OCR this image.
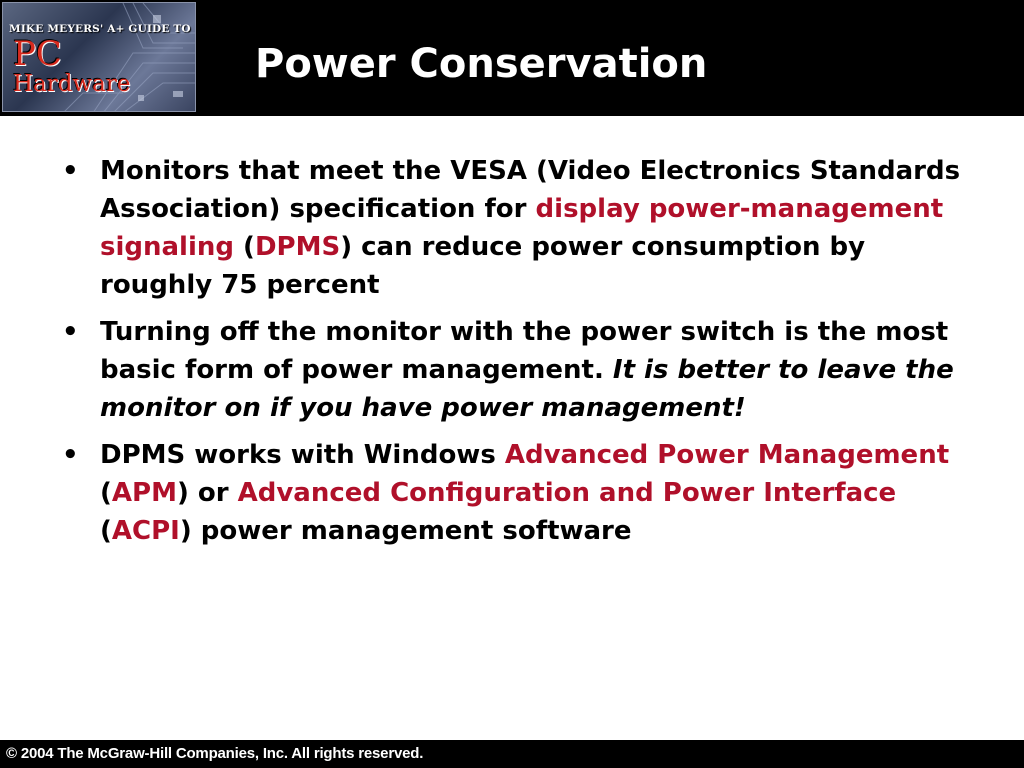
MIKE MEYERS' A+ GUIDE TO
PC
Hardware	Power Conservation
• Monitors that meet the VESA (Video Electronics Standards Association) specification for display power-management signaling (DPMS) can reduce power consumption by roughly 75 percent
• Turning off the monitor with the power switch is the most basic form of power management. It is better to leave the monitor on if you have power management!
• DPMS works with Windows Advanced Power Management (APM) or Advanced Configuration and Power Interface (ACPI) power management software
© 2004 The McGraw-Hill Companies, Inc. All rights reserved.
